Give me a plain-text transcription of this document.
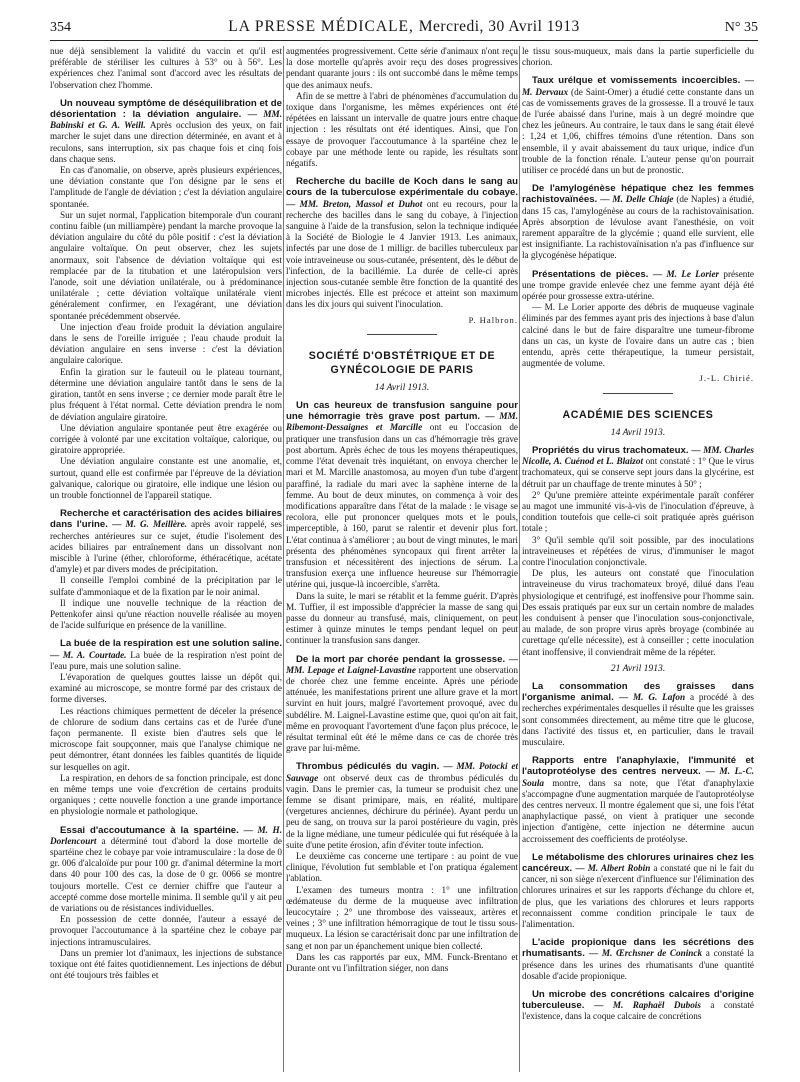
354	LA PRESSE MÉDICALE, Mercredi, 30 Avril 1913	N° 35

nue déjà sensiblement la validité du vaccin et qu'il est préférable de stériliser les cultures à 53° ou à 56°. Les expériences chez l'animal sont d'accord avec les résultats de l'observation chez l'homme.

Un nouveau symptôme de déséquilibration et de désorientation : la déviation angulaire. — MM. Babinski et G. A. Weill. Après occlusion des yeux, on fait marcher le sujet dans une direction déterminée, en avant et à reculons, sans interruption, six pas chaque fois et cinq fois dans chaque sens.

En cas d'anomalie, on observe, après plusieurs expériences, une déviation constante que l'on désigne par le sens et l'amplitude de l'angle de déviation ; c'est la déviation angulaire spontanée.

Sur un sujet normal, l'application bitemporale d'un courant continu faible (un milliampère) pendant la marche provoque la déviation angulaire du côté du pôle positif : c'est la déviation angulaire voltaïque. On peut observer, chez les sujets anormaux, soit l'absence de déviation voltaïque qui est remplacée par de la titubation et une latéropulsion vers l'anode, soit une déviation unilatérale, ou à prédominance unilatérale ; cette déviation voltaïque unilatérale vient généralement confirmer, en l'exagérant, une déviation spontanée précédemment observée.

Une injection d'eau froide produit la déviation angulaire dans le sens de l'oreille irriguée ; l'eau chaude produit la déviation angulaire en sens inverse : c'est la déviation angulaire calorique.

Enfin la giration sur le fauteuil ou le plateau tournant, détermine une déviation angulaire tantôt dans le sens de la giration, tantôt en sens inverse ; ce dernier mode paraît être le plus fréquent à l'état normal. Cette déviation prendra le nom de déviation angulaire giratoire.

Une déviation angulaire spontanée peut être exagérée ou corrigée à volonté par une excitation voltaïque, calorique, ou giratoire appropriée.

Une déviation angulaire constante est une anomalie, et, surtout, quand elle est confirmée par l'épreuve de la déviation galvanique, calorique ou giratoire, elle indique une lésion ou un trouble fonctionnel de l'appareil statique.

Recherche et caractérisation des acides biliaires dans l'urine. — M. G. Meillère. après avoir rappelé, ses recherches antérieures sur ce sujet, étudie l'isolement des acides biliaires par entraînement dans un dissolvant non miscible à l'urine (éther, chloroforme, éthéracétique, acétate d'amyle) et par divers modes de précipitation.

Il conseille l'emploi combiné de la précipitation par le sulfate d'ammoniaque et de la fixation par le noir animal.

Il indique une nouvelle technique de la réaction de Pettenkofer ainsi qu'une réaction nouvelle réalisée au moyen de l'acide sulfurique en présence de la vanilline.

La buée de la respiration est une solution saline. — M. A. Courtade. La buée de la respiration n'est point de l'eau pure, mais une solution saline.

L'évaporation de quelques gouttes laisse un dépôt qui, examiné au microscope, se montre formé par des cristaux de forme diverses.

Les réactions chimiques permettent de déceler la présence de chlorure de sodium dans certains cas et de l'urée d'une façon permanente. Il existe bien d'autres sels que le microscope fait soupçonner, mais que l'analyse chimique ne peut démontrer, étant données les faibles quantités de liquide sur lesquelles on agit.

La respiration, en dehors de sa fonction principale, est donc en même temps une voie d'excrétion de certains produits organiques ; cette nouvelle fonction a une grande importance en physiologie normale et pathologique.

Essai d'accoutumance à la spartéine. — M. H. Dorlencourt a déterminé tout d'abord la dose mortelle de spartéine chez le cobaye par voie intramusculaire : la dose de 0 gr. 006 d'alcaloïde pur pour 100 gr. d'animal détermine la mort dans 40 pour 100 des cas, la dose de 0 gr. 0066 se montre toujours mortelle. C'est ce dernier chiffre que l'auteur a accepté comme dose mortelle minima. Il semble qu'il y ait peu de variations ou de résistances individuelles.

En possession de cette donnée, l'auteur a essayé de provoquer l'accoutumance à la spartéine chez le cobaye par injections intramusculaires.

Dans un premier lot d'animaux, les injections de substance toxique ont été faites quotidiennement. Les injections de début ont été toujours très faibles et

augmentées progressivement. Cette série d'animaux n'ont reçu la dose mortelle qu'après avoir reçu des doses progressives pendant quarante jours : ils ont succombé dans le même temps que des animaux neufs.

Afin de se mettre à l'abri de phénomènes d'accumulation du toxique dans l'organisme, les mêmes expériences ont été répétées en laissant un intervalle de quatre jours entre chaque injection : les résultats ont été identiques. Ainsi, que l'on essaye de provoquer l'accoutumance à la spartéine chez le cobaye par une méthode lente ou rapide, les résultats sont négatifs.

Recherche du bacille de Koch dans le sang au cours de la tuberculose expérimentale du cobaye. — MM. Breton, Massol et Duhot ont eu recours, pour la recherche des bacilles dans le sang du cobaye, à l'injection sanguine à l'aide de la transfusion, selon la technique indiquée à la Société de Biologie le 4 Janvier 1913. Les animaux, infectés par une dose de 1 milligr. de bacilles tuberculeux par voie intraveineuse ou sous-cutanée, présentent, dès le début de l'infection, de la bacillémie. La durée de celle-ci après injection sous-cutanée semble être fonction de la quantité des microbes injectés. Elle est précoce et atteint son maximum dans les dix jours qui suivent l'inoculation.

P. Halbron.
SOCIÉTÉ D'OBSTÉTRIQUE ET DE GYNÉCOLOGIE DE PARIS
14 Avril 1913.

Un cas heureux de transfusion sanguine pour une hémorragie très grave post partum. — MM. Ribemont-Dessaignes et Marcille ont eu l'occasion de pratiquer une transfusion dans un cas d'hémorragie très grave post abortum. Après échec de tous les moyens thérapeutiques, comme l'état devenait très inquiétant, on envoya chercher le mari et M. Marcille anastomosa, au moyen d'un tube d'argent paraffiné, la radiale du mari avec la saphène interne de la femme. Au bout de deux minutes, on commença à voir des modifications apparaître dans l'état de la malade : le visage se recolora, elle put prononcer quelques mots et le pouls, imperceptible, à 160, parut se ralentir et devenir plus fort. L'état continua à s'améliorer ; au bout de vingt minutes, le mari présenta des phénomènes syncopaux qui firent arrêter la transfusion et nécessitèrent des injections de sérum. La transfusion exerça une influence heureuse sur l'hémorragie utérine qui, jusque-là incoercible, s'arrêta.

Dans la suite, le mari se rétablit et la femme guérit. D'après M. Tuffier, il est impossible d'apprécier la masse de sang qui passe du donneur au transfusé, mais, cliniquement, on peut estimer à quinze minutes le temps pendant lequel on peut continuer la transfusion sans danger.

De la mort par chorée pendant la grossesse. — MM. Lepage et Laignel-Lavastine rapportent une observation de chorée chez une femme enceinte. Après une période atténuée, les manifestations prirent une allure grave et la mort survint en huit jours, malgré l'avortement provoqué, avec du subdélire. M. Laignel-Lavastine estime que, quoi qu'on ait fait, même en provoquant l'avortement d'une façon plus précoce, le résultat terminal eût été le même dans ce cas de chorée très grave par lui-même.

Thrombus pédiculés du vagin. — MM. Potocki et Sauvage ont observé deux cas de thrombus pédiculés du vagin. Dans le premier cas, la tumeur se produisit chez une femme se disant primipare, mais, en réalité, multipare (vergetures anciennes, déchirure du périnée). Ayant perdu un peu de sang, on trouva sur la paroi postérieure du vagin, près de la ligne médiane, une tumeur pédiculée qui fut réséquée à la suite d'une petite érosion, afin d'éviter toute infection.

Le deuxième cas concerne une tertipare : au point de vue clinique, l'évolution fut semblable et l'on pratiqua également l'ablation.

L'examen des tumeurs montra : 1° une infiltration œdémateuse du derme de la muqueuse avec infiltration leucocytaire ; 2° une thrombose des vaisseaux, artères et veines ; 3° une infiltration hémorragique de tout le tissu sous-muqueux. La lésion se caractérisait donc par une infiltration de sang et non par un épanchement unique bien collecté.

Dans les cas rapportés par eux, MM. Funck-Brentano et Durante ont vu l'infiltration siéger, non dans

le tissu sous-muqueux, mais dans la partie superficielle du chorion.

Taux urélque et vomissements incoercibles. — M. Dervaux (de Saint-Omer) a étudié cette constante dans un cas de vomissements graves de la grossesse. Il a trouvé le taux de l'urée abaissé dans l'urine, mais à un degré moindre que chez les jeûneurs. Au contraire, le taux dans le sang était élevé : 1,24 et 1,06, chiffres témoins d'une rétention. Dans son ensemble, il y avait abaissement du taux urique, indice d'un trouble de la fonction rénale. L'auteur pense qu'on pourrait utiliser ce procédé dans un but de pronostic.

De l'amylogénèse hépatique chez les femmes rachistovaïnées. — M. Delle Chiaje (de Naples) a étudié, dans 15 cas, l'amylogénèse au cours de la rachistovaïnisation. Après absorption de lévulose avant l'anesthésie, on voit rarement apparaître de la glycémie ; quand elle survient, elle est insignifiante. La rachistovaïnisation n'a pas d'influence sur la glycogénèse hépatique.

Présentations de pièces. — M. Le Lorier présente une trompe gravide enlevée chez une femme ayant déjà été opérée pour grossesse extra-utérine.

— M. Le Lorier apporte des débris de muqueuse vaginale éliminés par des femmes ayant pris des injections à base d'alun calciné dans le but de faire disparaître une tumeur-fibrome dans un cas, un kyste de l'ovaire dans un autre cas ; bien entendu, après cette thérapeutique, la tumeur persistait, augmentée de volume.

J.-L. Chirié.
ACADÉMIE DES SCIENCES
14 Avril 1913.

Propriétés du virus trachomateux. — MM. Charles Nicolle, A. Cuénod et L. Blaizot ont constaté : 1° Que le virus trachomateux, qui se conserve sept jours dans la glycérine, est détruit par un chauffage de trente minutes à 50° ;

2° Qu'une première atteinte expérimentale paraît conférer au magot une immunité vis-à-vis de l'inoculation d'épreuve, à condition toutefois que celle-ci soit pratiquée après guérison totale ;

3° Qu'il semble qu'il soit possible, par des inoculations intraveineuses et répétées de virus, d'immuniser le magot contre l'inoculation conjonctivale.

De plus, les auteurs ont constaté que l'inoculation intraveineuse du virus trachomateux broyé, dilué dans l'eau physiologique et centrifugé, est inoffensive pour l'homme sain. Des essais pratiqués par eux sur un certain nombre de malades les conduisent à penser que l'inoculation sous-conjonctivale, au malade, de son propre virus après broyage (combinée au curettage qu'elle nécessite), est à conseiller ; cette inoculation étant inoffensive, il conviendrait même de la répéter.

21 Avril 1913.

La consommation des graisses dans l'organisme animal. — M. G. Lafon a procédé à des recherches expérimentales desquelles il résulte que les graisses sont consommées directement, au même titre que le glucose, dans l'activité des tissus et, en particulier, dans le travail musculaire.

Rapports entre l'anaphylaxie, l'immunité et l'autoprotéolyse des centres nerveux. — M. L.-C. Soula montre, dans sa note, que l'état d'anaphylaxie s'accompagne d'une augmentation marquée de l'autoprotéolyse des centres nerveux. Il montre également que si, une fois l'état anaphylactique passé, on vient à pratiquer une seconde injection d'antigène, cette injection ne détermine aucun accroissement des coefficients de protéolyse.

Le métabolisme des chlorures urinaires chez les cancéreux. — M. Albert Robin a constaté que ni le fait du cancer, ni son siège n'exercent d'influence sur l'élimination des chlorures urinaires et sur les rapports d'échange du chlore et, de plus, que les variations des chlorures et leurs rapports reconnaissent comme condition principale le taux de l'alimentation.

L'acide propionique dans les sécrétions des rhumatisants. — M. Œrchsner de Coninck a constaté la présence dans les urines des rhumatisants d'une quantité dosable d'acide propionique.

Un microbe des concrétions calcaires d'origine tuberculeuse. — M. Raphaël Dubois a constaté l'existence, dans la coque calcaire de concrétions
